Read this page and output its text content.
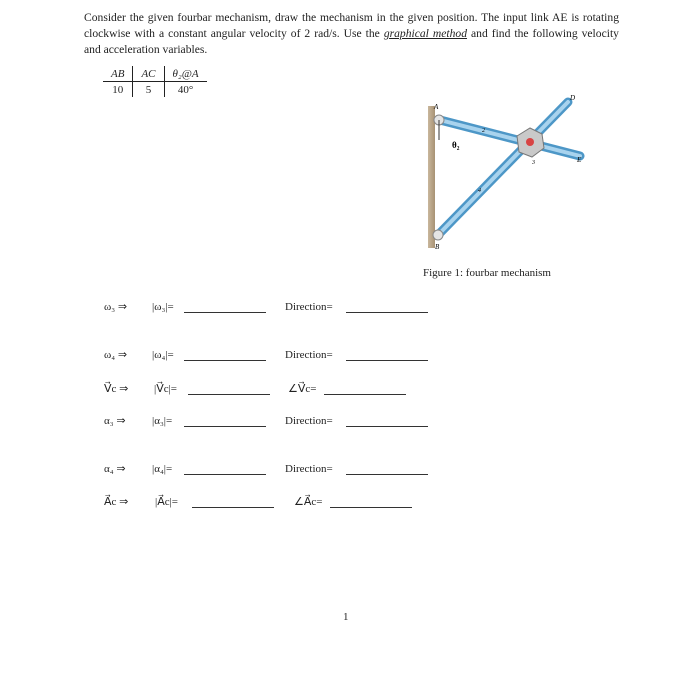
Consider the given fourbar mechanism, draw the mechanism in the given position. The input link AE is rotating clockwise with a constant angular velocity of 2 rad/s. Use the graphical method and find the following velocity and acceleration variables.
AB	AC	θ₂@A
10	5	40°
A
B
D
E
θ₂
2
3
4
Figure 1: fourbar mechanism
ω₃ ⇒ |ω₃|=	Direction=
ω₄ ⇒ |ω₄|=	Direction=
V⃗c ⇒ |V⃗c|=	∠V⃗c=
α₃ ⇒ |α₃|=	Direction=
α₄ ⇒ |α₄|=	Direction=
A⃗c ⇒ |A⃗c|=	∠A⃗c=
1
